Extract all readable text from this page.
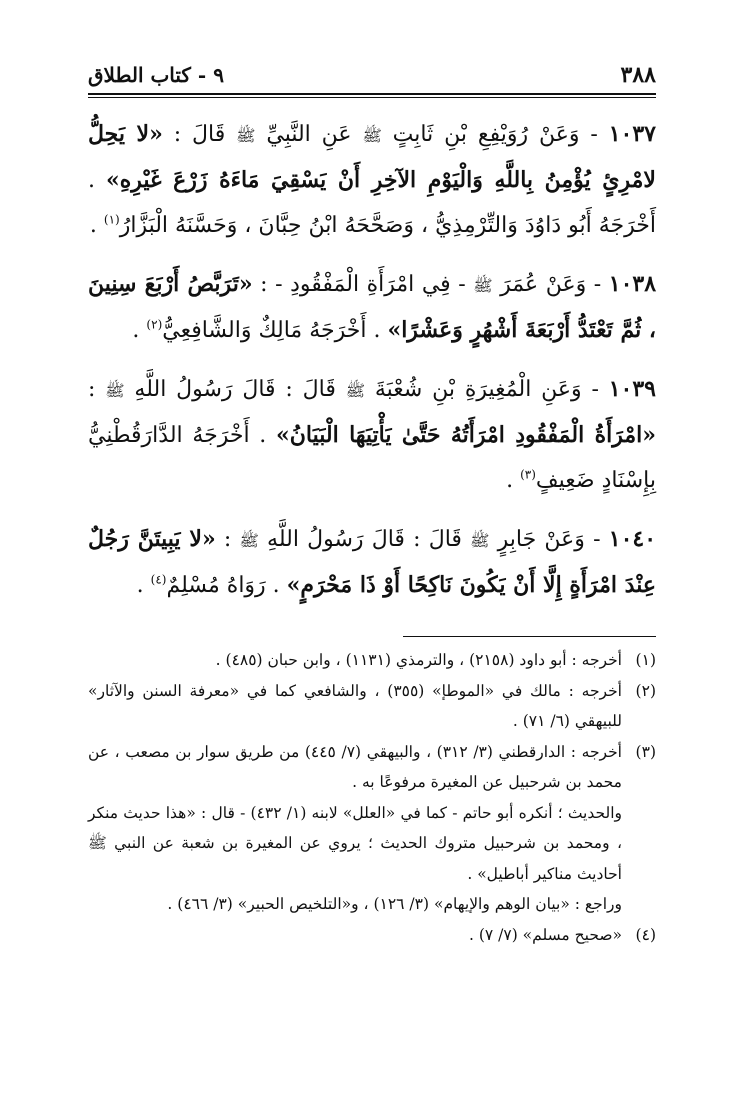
٣٨٨
٩ - كتاب الطلاق

١٠٣٧ - وَعَنْ رُوَيْفِعِ بْنِ ثَابِتٍ ﷺ عَنِ النَّبِيِّ ﷺ قَالَ : «لا يَحِلُّ لامْرِئٍ يُؤْمِنُ بِاللَّهِ وَالْيَوْمِ الآخِرِ أَنْ يَسْقِيَ مَاءَهُ زَرْعَ غَيْرِهِ» . أَخْرَجَهُ أَبُو دَاوُدَ وَالتِّرْمِذِيُّ ، وَصَحَّحَهُ ابْنُ حِبَّانَ ، وَحَسَّنَهُ الْبَزَّارُ$^{(١)}$ .

١٠٣٨ - وَعَنْ عُمَرَ ﷺ - فِي امْرَأَةِ الْمَفْقُودِ - : «تَرَبَّصُ أَرْبَعَ سِنِينَ ، ثُمَّ تَعْتَدُّ أَرْبَعَةَ أَشْهُرٍ وَعَشْرًا» . أَخْرَجَهُ مَالِكٌ وَالشَّافِعِيُّ$^{(٢)}$ .

١٠٣٩ - وَعَنِ الْمُغِيرَةِ بْنِ شُعْبَةَ ﷺ قَالَ : قَالَ رَسُولُ اللَّهِ ﷺ : «امْرَأَةُ الْمَفْقُودِ امْرَأَتُهُ حَتَّىٰ يَأْتِيَهَا الْبَيَانُ» . أَخْرَجَهُ الدَّارَقُطْنِيُّ بِإِسْنَادٍ ضَعِيفٍ$^{(٣)}$ .

١٠٤٠ - وَعَنْ جَابِرٍ ﷺ قَالَ : قَالَ رَسُولُ اللَّهِ ﷺ : «لا يَبِيتَنَّ رَجُلٌ عِنْدَ امْرَأَةٍ إِلَّا أَنْ يَكُونَ نَاكِحًا أَوْ ذَا مَحْرَمٍ» . رَوَاهُ مُسْلِمٌ$^{(٤)}$ .

(١)

أخرجه : أبو داود (٢١٥٨) ، والترمذي (١١٣١) ، وابن حبان (٤٨٥) .

(٢)

أخرجه : مالك في «الموطإ» (٣٥٥) ، والشافعي كما في «معرفة السنن والآثار» للبيهقي (٦/ ٧١) .

(٣)

أخرجه : الدارقطني (٣/ ٣١٢) ، والبيهقي (٧/ ٤٤٥) من طريق سوار بن مصعب ، عن محمد بن شرحبيل عن المغيرة مرفوعًا به .

والحديث ؛ أنكره أبو حاتم - كما في «العلل» لابنه (١/ ٤٣٢) - قال : «هذا حديث منكر ، ومحمد بن شرحبيل متروك الحديث ؛ يروي عن المغيرة بن شعبة عن النبي ﷺ أحاديث مناكير أباطيل» .

وراجع : «بيان الوهم والإيهام» (٣/ ١٢٦) ، و«التلخيص الحبير» (٣/ ٤٦٦) .

(٤)

«صحيح مسلم» (٧/ ٧) .
